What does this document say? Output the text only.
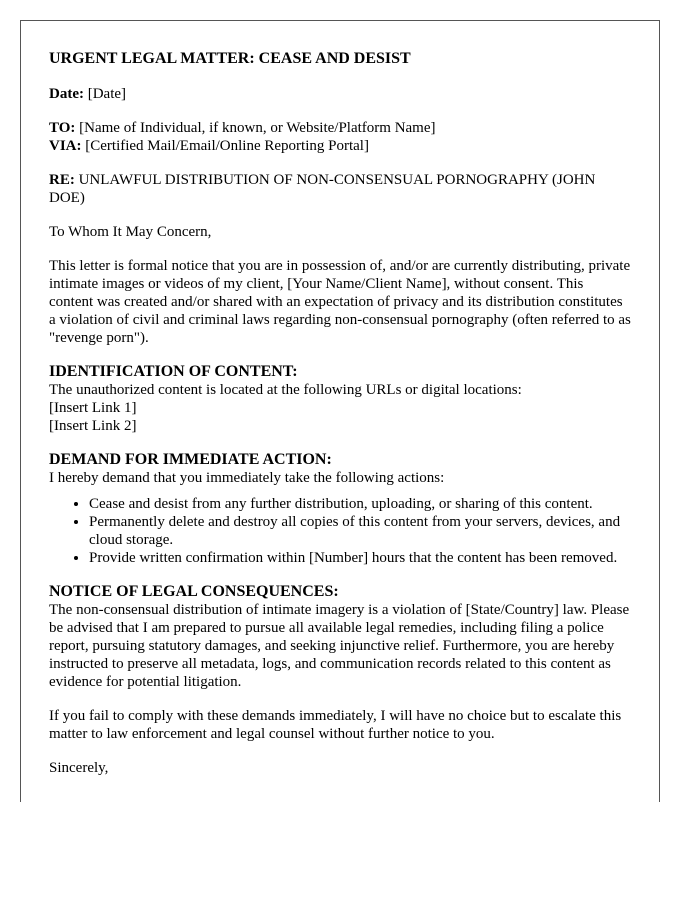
URGENT LEGAL MATTER: CEASE AND DESIST

Date: [Date]

TO: [Name of Individual, if known, or Website/Platform Name]
VIA: [Certified Mail/Email/Online Reporting Portal]

RE: UNLAWFUL DISTRIBUTION OF NON-CONSENSUAL PORNOGRAPHY (JOHN DOE)

To Whom It May Concern,

This letter is formal notice that you are in possession of, and/or are currently distributing, private intimate images or videos of my client, [Your Name/Client Name], without consent. This content was created and/or shared with an expectation of privacy and its distribution constitutes a violation of civil and criminal laws regarding non-consensual pornography (often referred to as "revenge porn").

IDENTIFICATION OF CONTENT:
The unauthorized content is located at the following URLs or digital locations:
[Insert Link 1]
[Insert Link 2]
DEMAND FOR IMMEDIATE ACTION:
I hereby demand that you immediately take the following actions:
• Cease and desist from any further distribution, uploading, or sharing of this content.
• Permanently delete and destroy all copies of this content from your servers, devices, and cloud storage.
• Provide written confirmation within [Number] hours that the content has been removed.
NOTICE OF LEGAL CONSEQUENCES:
The non-consensual distribution of intimate imagery is a violation of [State/Country] law. Please be advised that I am prepared to pursue all available legal remedies, including filing a police report, pursuing statutory damages, and seeking injunctive relief. Furthermore, you are hereby instructed to preserve all metadata, logs, and communication records related to this content as evidence for potential litigation.

If you fail to comply with these demands immediately, I will have no choice but to escalate this matter to law enforcement and legal counsel without further notice to you.

Sincerely,
